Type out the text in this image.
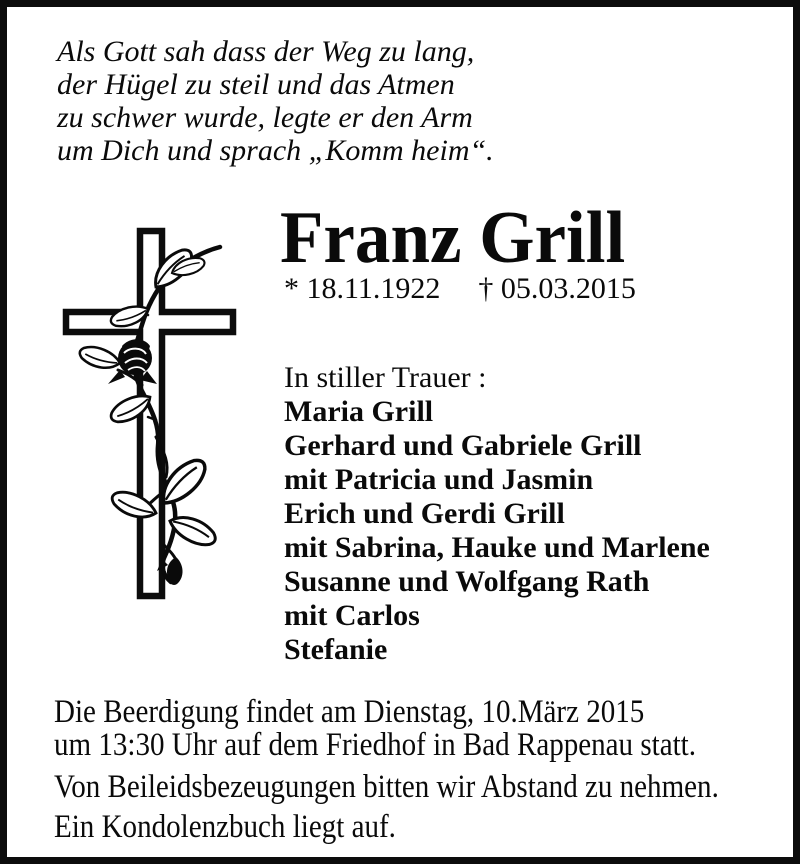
Als Gott sah dass der Weg zu lang,
der Hügel zu steil und das Atmen
zu schwer wurde, legte er den Arm
um Dich und sprach „Komm heim“.
Franz Grill
* 18.11.1922 † 05.03.2015
In stiller Trauer :
Maria Grill
Gerhard und Gabriele Grill
mit Patricia und Jasmin
Erich und Gerdi Grill
mit Sabrina, Hauke und Marlene
Susanne und Wolfgang Rath
mit Carlos
Stefanie
Die Beerdigung findet am Dienstag, 10.März 2015
um 13:30 Uhr auf dem Friedhof in Bad Rappenau statt.
Von Beileidsbezeugungen bitten wir Abstand zu nehmen.
Ein Kondolenzbuch liegt auf.
